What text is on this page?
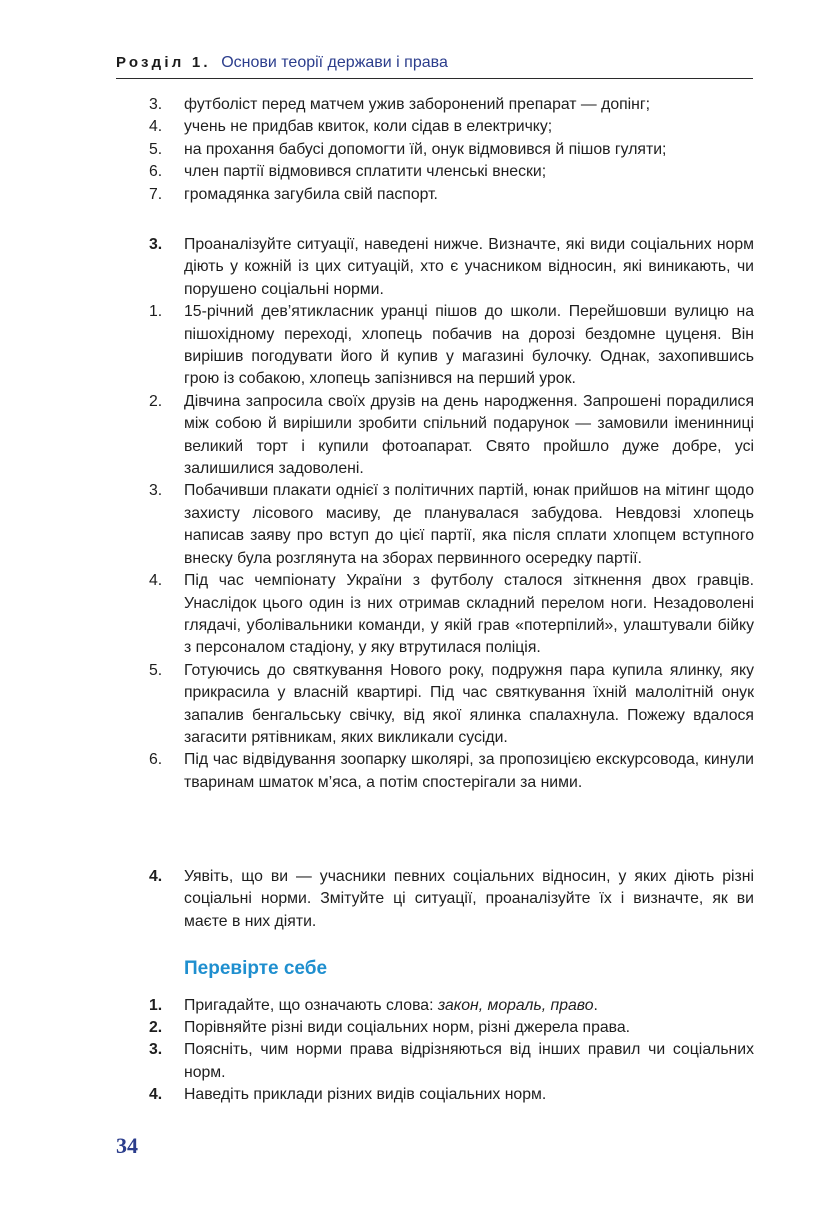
Розділ 1. Основи теорії держави і права
3.	футболіст перед матчем ужив заборонений препарат — допінг;
4.	учень не придбав квиток, коли сідав в електричку;
5.	на прохання бабусі допомогти їй, онук відмовився й пішов гуляти;
6.	член партії відмовився сплатити членські внески;
7.	громадянка загубила свій паспорт.
3.	Проаналізуйте ситуації, наведені нижче. Визначте, які види соціальних норм діють у кожній із цих ситуацій, хто є учасником відносин, які виникають, чи порушено соціальні норми.
1.	15-річний дев’ятикласник уранці пішов до школи. Перейшовши вулицю на пішохідному переході, хлопець побачив на дорозі бездомне цуценя. Він вирішив погодувати його й купив у магазині булочку. Однак, захопившись грою із собакою, хлопець запізнився на перший урок.
2.	Дівчина запросила своїх друзів на день народження. Запрошені порадилися між собою й вирішили зробити спільний подарунок — замовили іменинниці великий торт і купили фотоапарат. Свято пройшло дуже добре, усі залишилися задоволені.
3.	Побачивши плакати однієї з політичних партій, юнак прийшов на мітинг щодо захисту лісового масиву, де планувалася забудова. Невдовзі хлопець написав заяву про вступ до цієї партії, яка після сплати хлопцем вступного внеску була розглянута на зборах первинного осередку партії.
4.	Під час чемпіонату України з футболу сталося зіткнення двох гравців. Унаслідок цього один із них отримав складний перелом ноги. Незадоволені глядачі, уболівальники команди, у якій грав «потерпілий», улаштували бійку з персоналом стадіону, у яку втрутилася поліція.
5.	Готуючись до святкування Нового року, подружня пара купила ялинку, яку прикрасила у власній квартирі. Під час святкування їхній малолітній онук запалив бенгальську свічку, від якої ялинка спалахнула. Пожежу вдалося загасити рятівникам, яких викликали сусіди.
6.	Під час відвідування зоопарку школярі, за пропозицією екскурсовода, кинули тваринам шматок м’яса, а потім спостерігали за ними.
4.	Уявіть, що ви — учасники певних соціальних відносин, у яких діють різні соціальні норми. Змітуйте ці ситуації, проаналізуйте їх і визначте, як ви маєте в них діяти.
Перевірте себе
1.	Пригадайте, що означають слова: закон, мораль, право.
2.	Порівняйте різні види соціальних норм, різні джерела права.
3.	Поясніть, чим норми права відрізняються від інших правил чи соціальних норм.
4.	Наведіть приклади різних видів соціальних норм.
34
